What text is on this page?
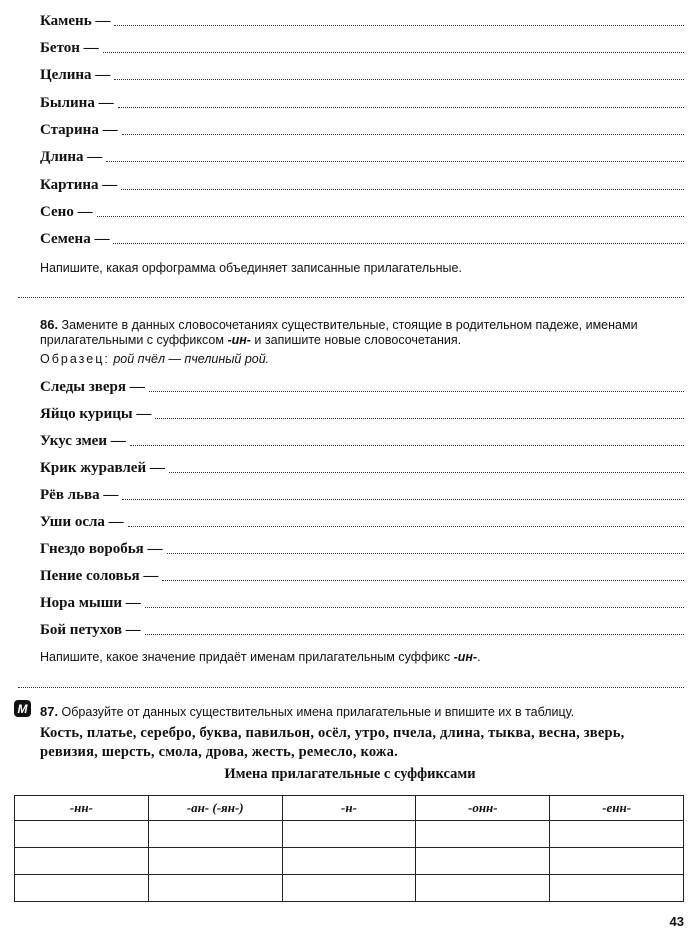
Камень —
Бетон —
Целина —
Былина —
Старина —
Длина —
Картина —
Сено —
Семена —
Напишите, какая орфограмма объединяет записанные прилагательные.
86. Замените в данных словосочетаниях существительные, стоящие в родительном падеже, именами прилагательными с суффиксом -ин- и запишите новые словосочетания.
Образец: рой пчёл — пчелиный рой.
Следы зверя —
Яйцо курицы —
Укус змеи —
Крик журавлей —
Рёв льва —
Уши осла —
Гнездо воробья —
Пение соловья —
Нора мыши —
Бой петухов —
Напишите, какое значение придаёт именам прилагательным суффикс -ин-.
М 87. Образуйте от данных существительных имена прилагательные и впишите их в таблицу.
Кость, платье, серебро, буква, павильон, осёл, утро, пчела, длина, тыква, весна, зверь,
ревизия, шерсть, смола, дрова, жесть, ремесло, кожа.
Имена прилагательные с суффиксами
-нн-	-ан- (-ян-)	-н-	-онн-	-енн-

43
